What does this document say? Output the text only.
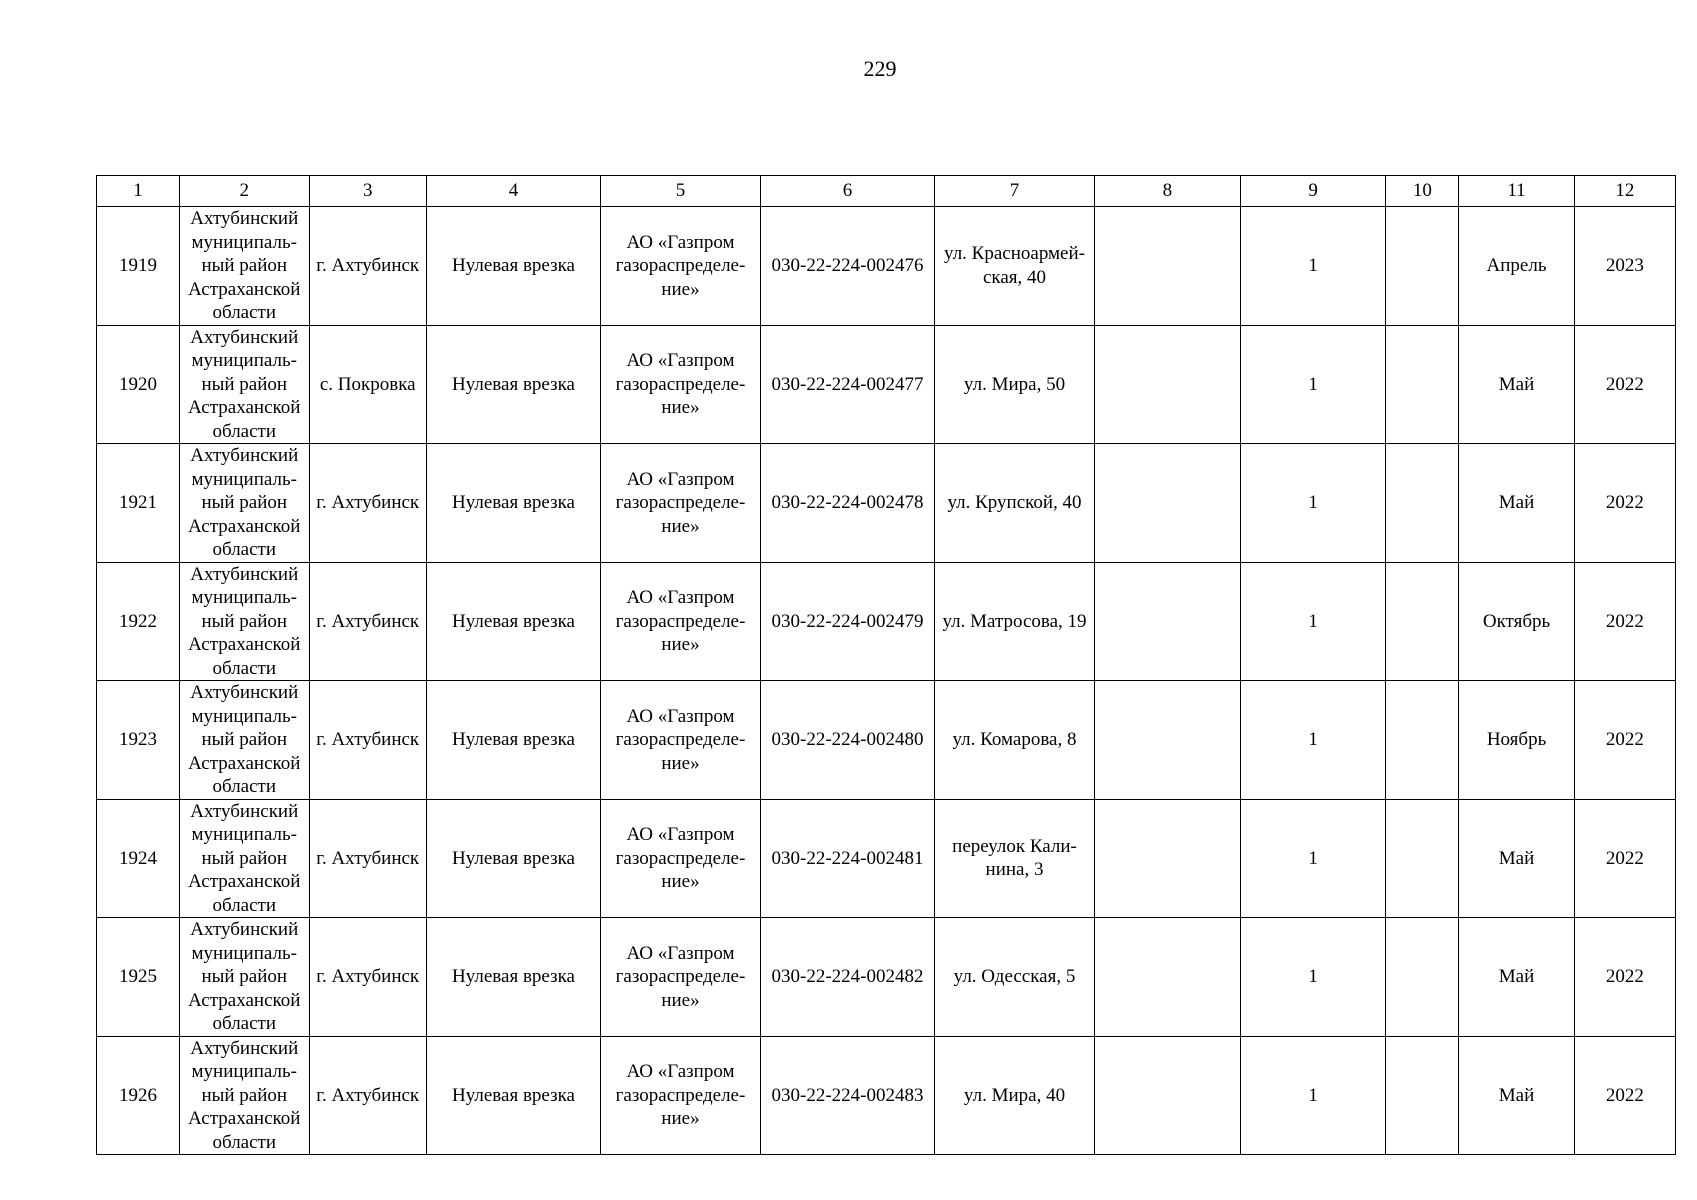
229
1	2	3	4	5	6	7	8	9	10	11	12
1919	Ахтубинский
муниципаль-
ный район
Астраханской
области	г. Ахтубинск	Нулевая врезка	АО «Газпром
газораспределе-
ние»	030-22-224-002476	ул. Красноармей-
ская, 40		1		Апрель	2023
1920	Ахтубинский
муниципаль-
ный район
Астраханской
области	с. Покровка	Нулевая врезка	АО «Газпром
газораспределе-
ние»	030-22-224-002477	ул. Мира, 50		1		Май	2022
1921	Ахтубинский
муниципаль-
ный район
Астраханской
области	г. Ахтубинск	Нулевая врезка	АО «Газпром
газораспределе-
ние»	030-22-224-002478	ул. Крупской, 40		1		Май	2022
1922	Ахтубинский
муниципаль-
ный район
Астраханской
области	г. Ахтубинск	Нулевая врезка	АО «Газпром
газораспределе-
ние»	030-22-224-002479	ул. Матросова, 19		1		Октябрь	2022
1923	Ахтубинский
муниципаль-
ный район
Астраханской
области	г. Ахтубинск	Нулевая врезка	АО «Газпром
газораспределе-
ние»	030-22-224-002480	ул. Комарова, 8		1		Ноябрь	2022
1924	Ахтубинский
муниципаль-
ный район
Астраханской
области	г. Ахтубинск	Нулевая врезка	АО «Газпром
газораспределе-
ние»	030-22-224-002481	переулок Кали-
нина, 3		1		Май	2022
1925	Ахтубинский
муниципаль-
ный район
Астраханской
области	г. Ахтубинск	Нулевая врезка	АО «Газпром
газораспределе-
ние»	030-22-224-002482	ул. Одесская, 5		1		Май	2022
1926	Ахтубинский
муниципаль-
ный район
Астраханской
области	г. Ахтубинск	Нулевая врезка	АО «Газпром
газораспределе-
ние»	030-22-224-002483	ул. Мира, 40		1		Май	2022
